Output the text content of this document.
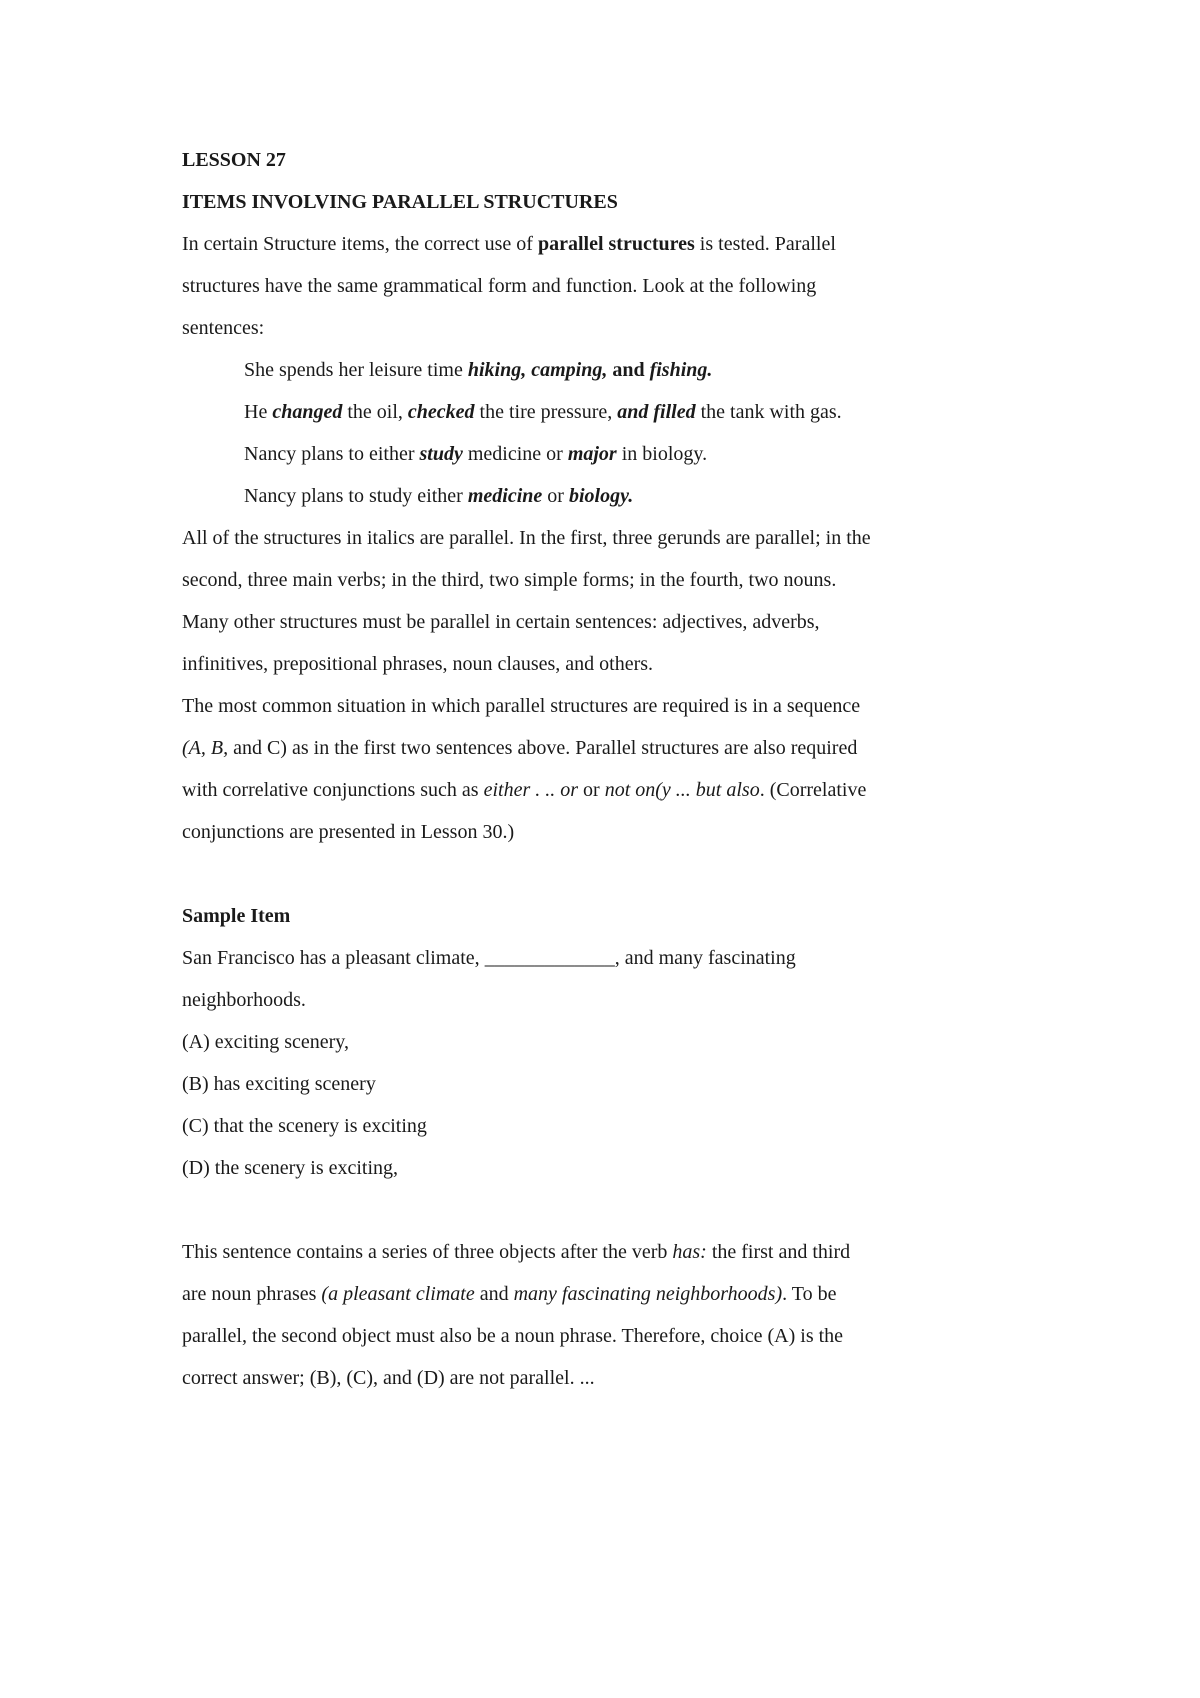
LESSON 27
ITEMS INVOLVING PARALLEL STRUCTURES
In certain Structure items, the correct use of parallel structures is tested. Parallel
structures have the same grammatical form and function. Look at the following
sentences:
She spends her leisure time hiking, camping, and fishing.
He changed the oil, checked the tire pressure, and filled the tank with gas.
Nancy plans to either study medicine or major in biology.
Nancy plans to study either medicine or biology.
All of the structures in italics are parallel. In the first, three gerunds are parallel; in the
second, three main verbs; in the third, two simple forms; in the fourth, two nouns.
Many other structures must be parallel in certain sentences: adjectives, adverbs,
infinitives, prepositional phrases, noun clauses, and others.
The most common situation in which parallel structures are required is in a sequence
(A, B, and C) as in the first two sentences above. Parallel structures are also required
with correlative conjunctions such as either . .. or or not on(y ... but also. (Correlative
conjunctions are presented in Lesson 30.)
Sample Item
San Francisco has a pleasant climate, _____________, and many fascinating
neighborhoods.
(A) exciting scenery,
(B) has exciting scenery
(C) that the scenery is exciting
(D) the scenery is exciting,
This sentence contains a series of three objects after the verb has: the first and third
are noun phrases (a pleasant climate and many fascinating neighborhoods). To be
parallel, the second object must also be a noun phrase. Therefore, choice (A) is the
correct answer; (B), (C), and (D) are not parallel. ...
